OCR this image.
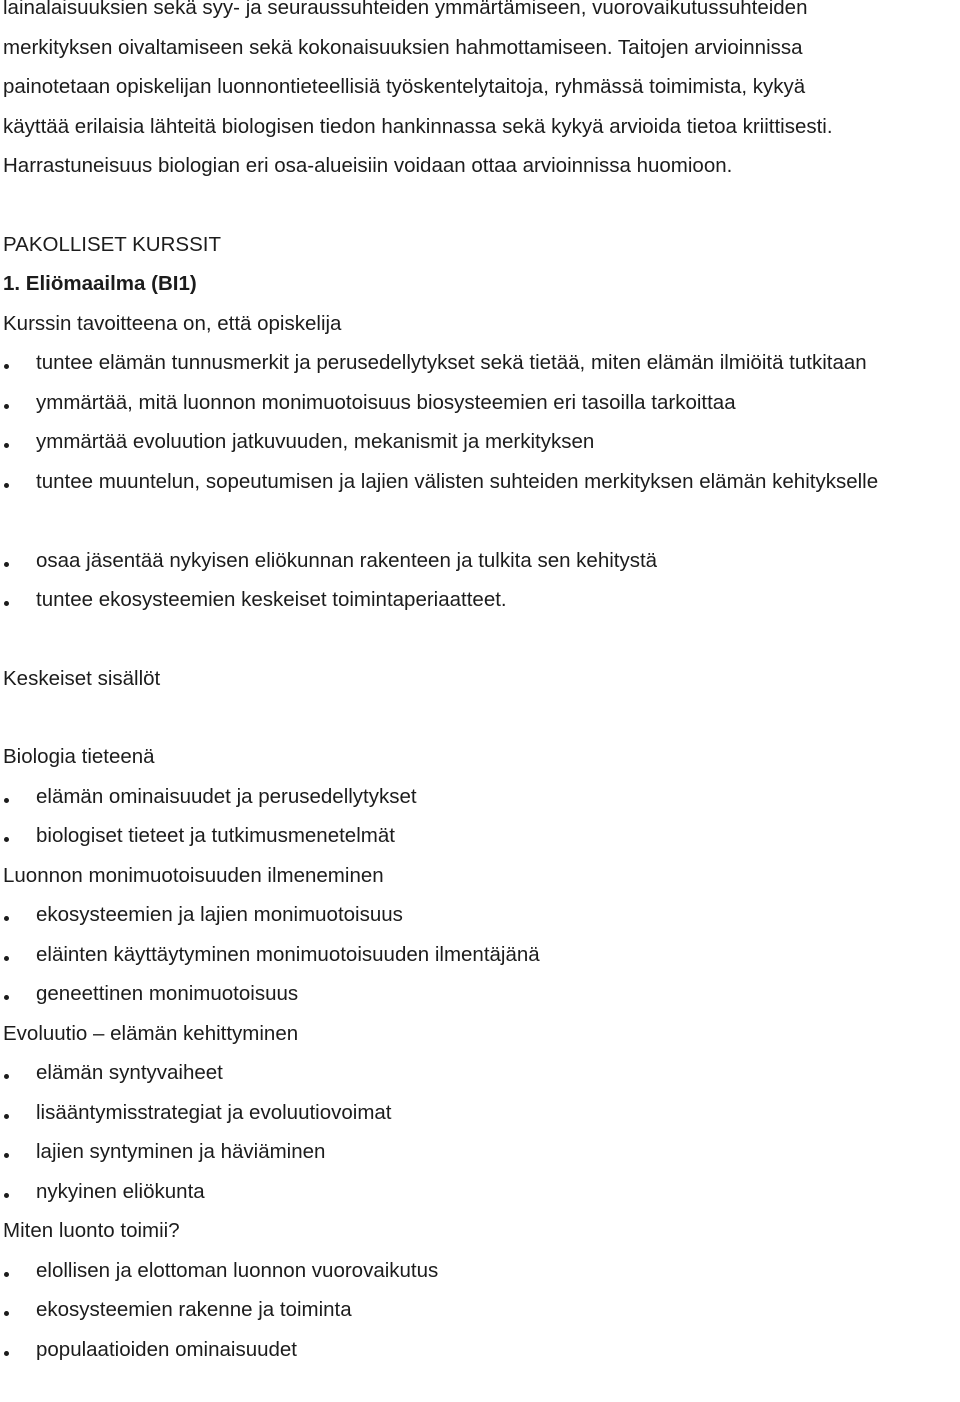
lainalaisuuksien sekä syy- ja seuraussuhteiden ymmärtämiseen, vuorovaikutussuhteiden
merkityksen oivaltamiseen sekä kokonaisuuksien hahmottamiseen. Taitojen arvioinnissa
painotetaan opiskelijan luonnontieteellisiä työskentelytaitoja, ryhmässä toimimista, kykyä
käyttää erilaisia lähteitä biologisen tiedon hankinnassa sekä kykyä arvioida tietoa kriittisesti.
Harrastuneisuus biologian eri osa-alueisiin voidaan ottaa arvioinnissa huomioon.
PAKOLLISET KURSSIT
1. Eliömaailma (BI1)
Kurssin tavoitteena on, että opiskelija
tuntee elämän tunnusmerkit ja perusedellytykset sekä tietää, miten elämän ilmiöitä tutkitaan
ymmärtää, mitä luonnon monimuotoisuus biosysteemien eri tasoilla tarkoittaa
ymmärtää evoluution jatkuvuuden, mekanismit ja merkityksen
tuntee muuntelun, sopeutumisen ja lajien välisten suhteiden merkityksen elämän kehitykselle
osaa jäsentää nykyisen eliökunnan rakenteen ja tulkita sen kehitystä
tuntee ekosysteemien keskeiset toimintaperiaatteet.
Keskeiset sisällöt
Biologia tieteenä
elämän ominaisuudet ja perusedellytykset
biologiset tieteet ja tutkimusmenetelmät
Luonnon monimuotoisuuden ilmeneminen
ekosysteemien ja lajien monimuotoisuus
eläinten käyttäytyminen monimuotoisuuden ilmentäjänä
geneettinen monimuotoisuus
Evoluutio – elämän kehittyminen
elämän syntyvaiheet
lisääntymisstrategiat ja evoluutiovoimat
lajien syntyminen ja häviäminen
nykyinen eliökunta
Miten luonto toimii?
elollisen ja elottoman luonnon vuorovaikutus
ekosysteemien rakenne ja toiminta
populaatioiden ominaisuudet
